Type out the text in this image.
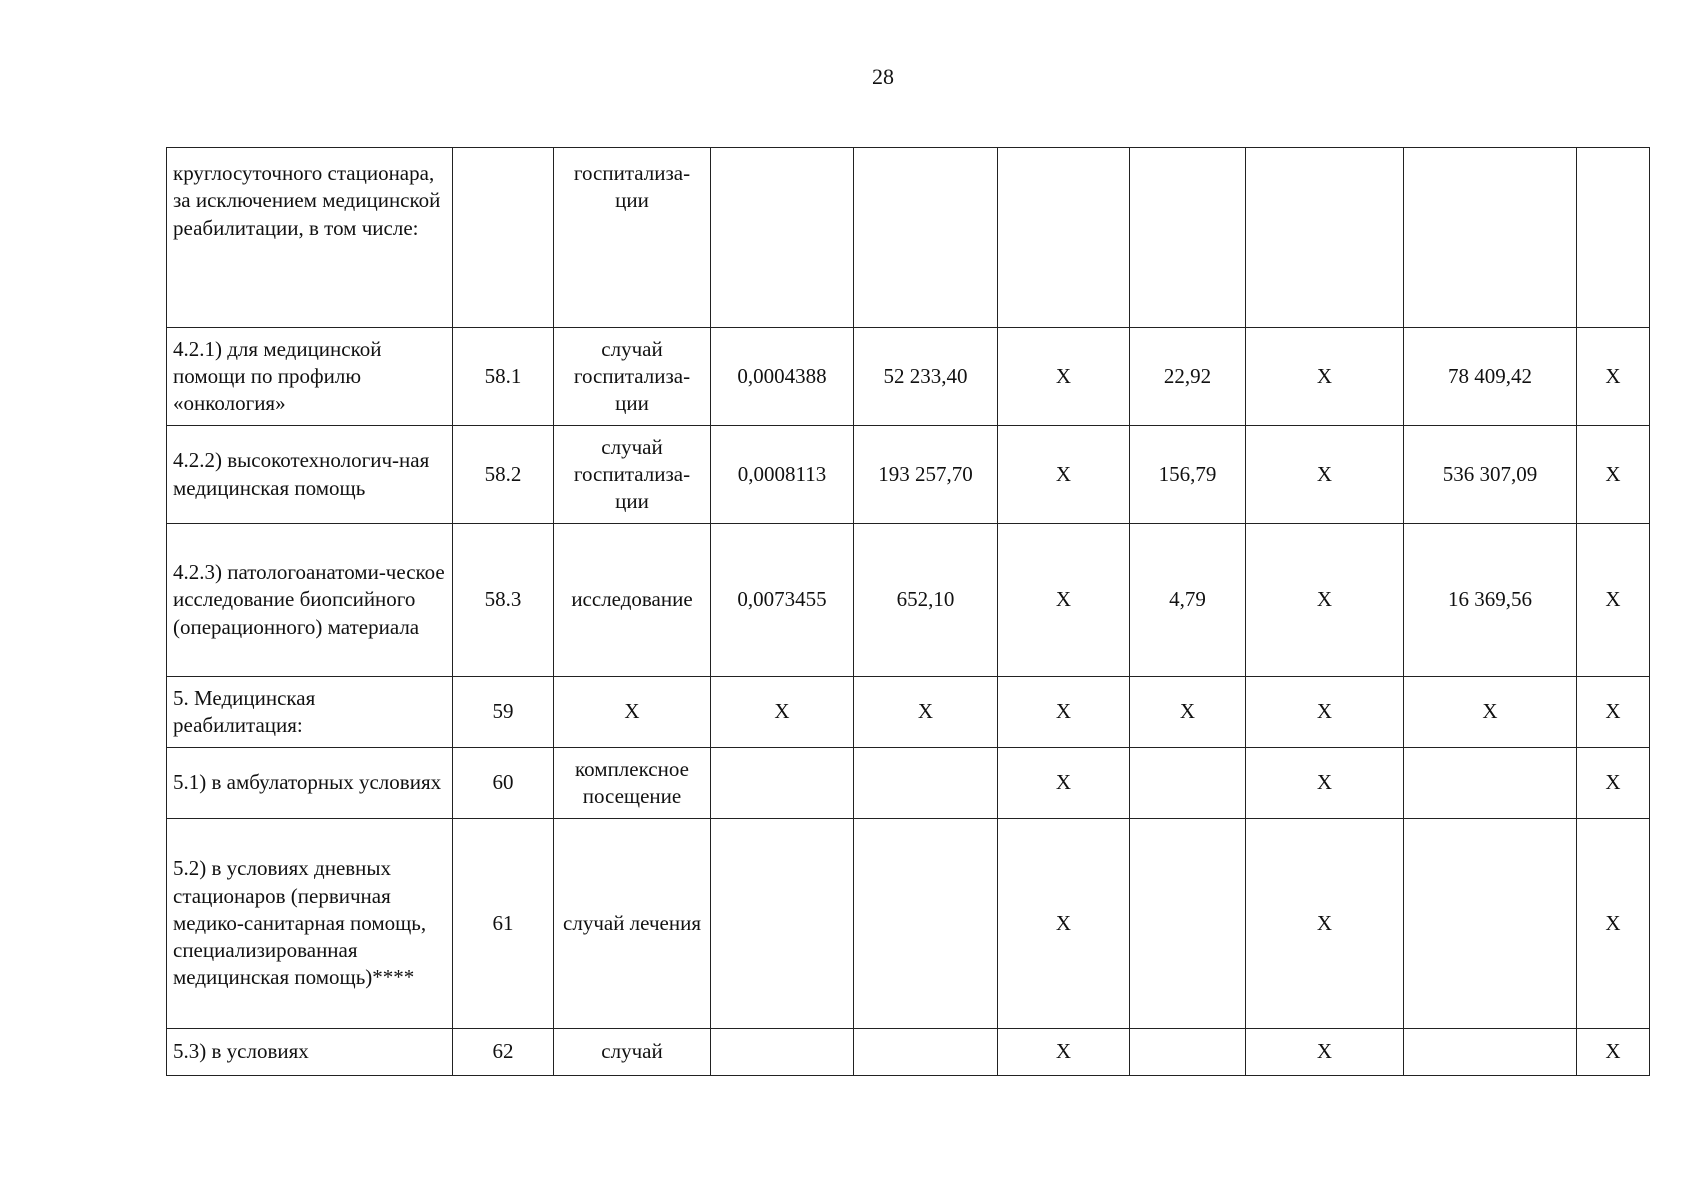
28
круглосуточного стационара, за исключением медицинской реабилитации, в том числе:		госпитализа-ции							
4.2.1) для медицинской помощи по профилю «онкология»	58.1	случай госпитализа-ции	0,0004388	52 233,40	X	22,92	X	78 409,42	X
4.2.2) высокотехнологич-ная медицинская помощь	58.2	случай госпитализа-ции	0,0008113	193 257,70	X	156,79	X	536 307,09	X
4.2.3) патологоанатоми-ческое исследование биопсийного (операционного) материала	58.3	исследование	0,0073455	652,10	X	4,79	X	16 369,56	X
5. Медицинская реабилитация:	59	X	X	X	X	X	X	X	X
5.1) в амбулаторных условиях	60	комплексное посещение			X		X		X
5.2) в условиях дневных стационаров (первичная медико-санитарная помощь, специализированная медицинская помощь)****	61	случай лечения			X		X		X
5.3) в условиях	62	случай			X		X		X
